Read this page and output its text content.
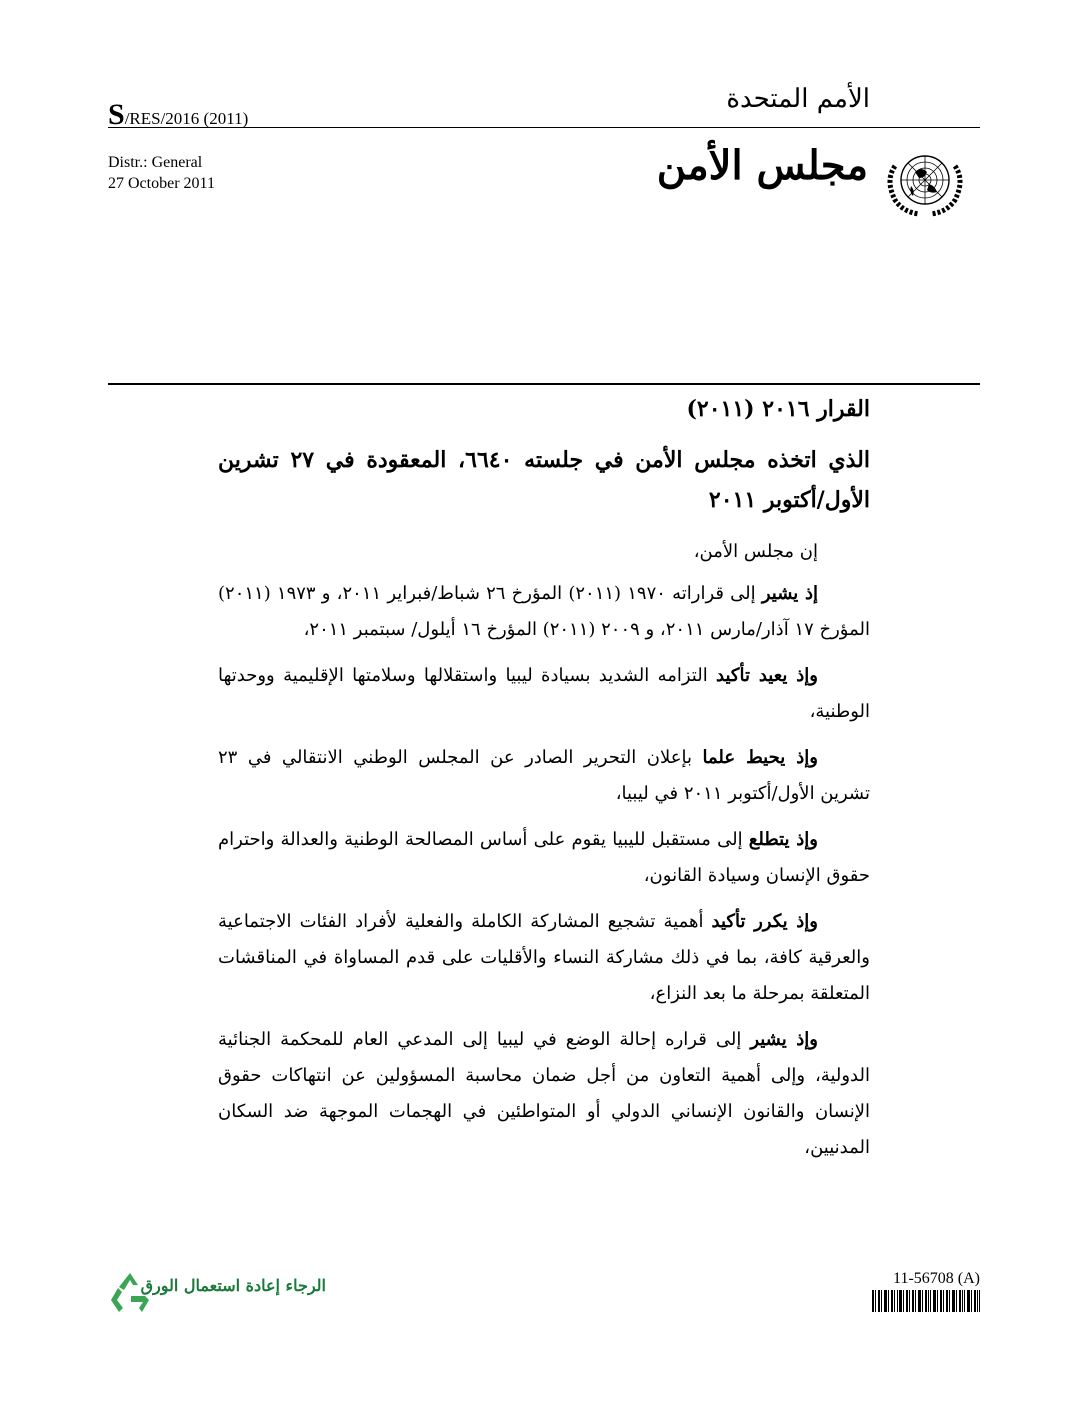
S/RES/2016 (2011)
الأمم المتحدة
Distr.: General
27 October 2011	مجلس الأمن
القرار ٢٠١٦ (٢٠١١)
الذي اتخذه مجلس الأمن في جلسته ٦٦٤٠، المعقودة في ٢٧ تشرين الأول/أكتوبر ٢٠١١

إن مجلس الأمن،

إذ يشير إلى قراراته ١٩٧٠ (٢٠١١) المؤرخ ٢٦ شباط/فبراير ٢٠١١، و ١٩٧٣ (٢٠١١) المؤرخ ١٧ آذار/مارس ٢٠١١، و ٢٠٠٩ (٢٠١١) المؤرخ ١٦ أيلول/ سبتمبر ٢٠١١،

وإذ يعيد تأكيد التزامه الشديد بسيادة ليبيا واستقلالها وسلامتها الإقليمية ووحدتها الوطنية،

وإذ يحيط علما بإعلان التحرير الصادر عن المجلس الوطني الانتقالي في ٢٣ تشرين الأول/أكتوبر ٢٠١١ في ليبيا،

وإذ يتطلع إلى مستقبل لليبيا يقوم على أساس المصالحة الوطنية والعدالة واحترام حقوق الإنسان وسيادة القانون،

وإذ يكرر تأكيد أهمية تشجيع المشاركة الكاملة والفعلية لأفراد الفئات الاجتماعية والعرقية كافة، بما في ذلك مشاركة النساء والأقليات على قدم المساواة في المناقشات المتعلقة بمرحلة ما بعد النزاع،

وإذ يشير إلى قراره إحالة الوضع في ليبيا إلى المدعي العام للمحكمة الجنائية الدولية، وإلى أهمية التعاون من أجل ضمان محاسبة المسؤولين عن انتهاكات حقوق الإنسان والقانون الإنساني الدولي أو المتواطئين في الهجمات الموجهة ضد السكان المدنيين،

11-56708 (A)
الرجاء إعادة استعمال الورق
